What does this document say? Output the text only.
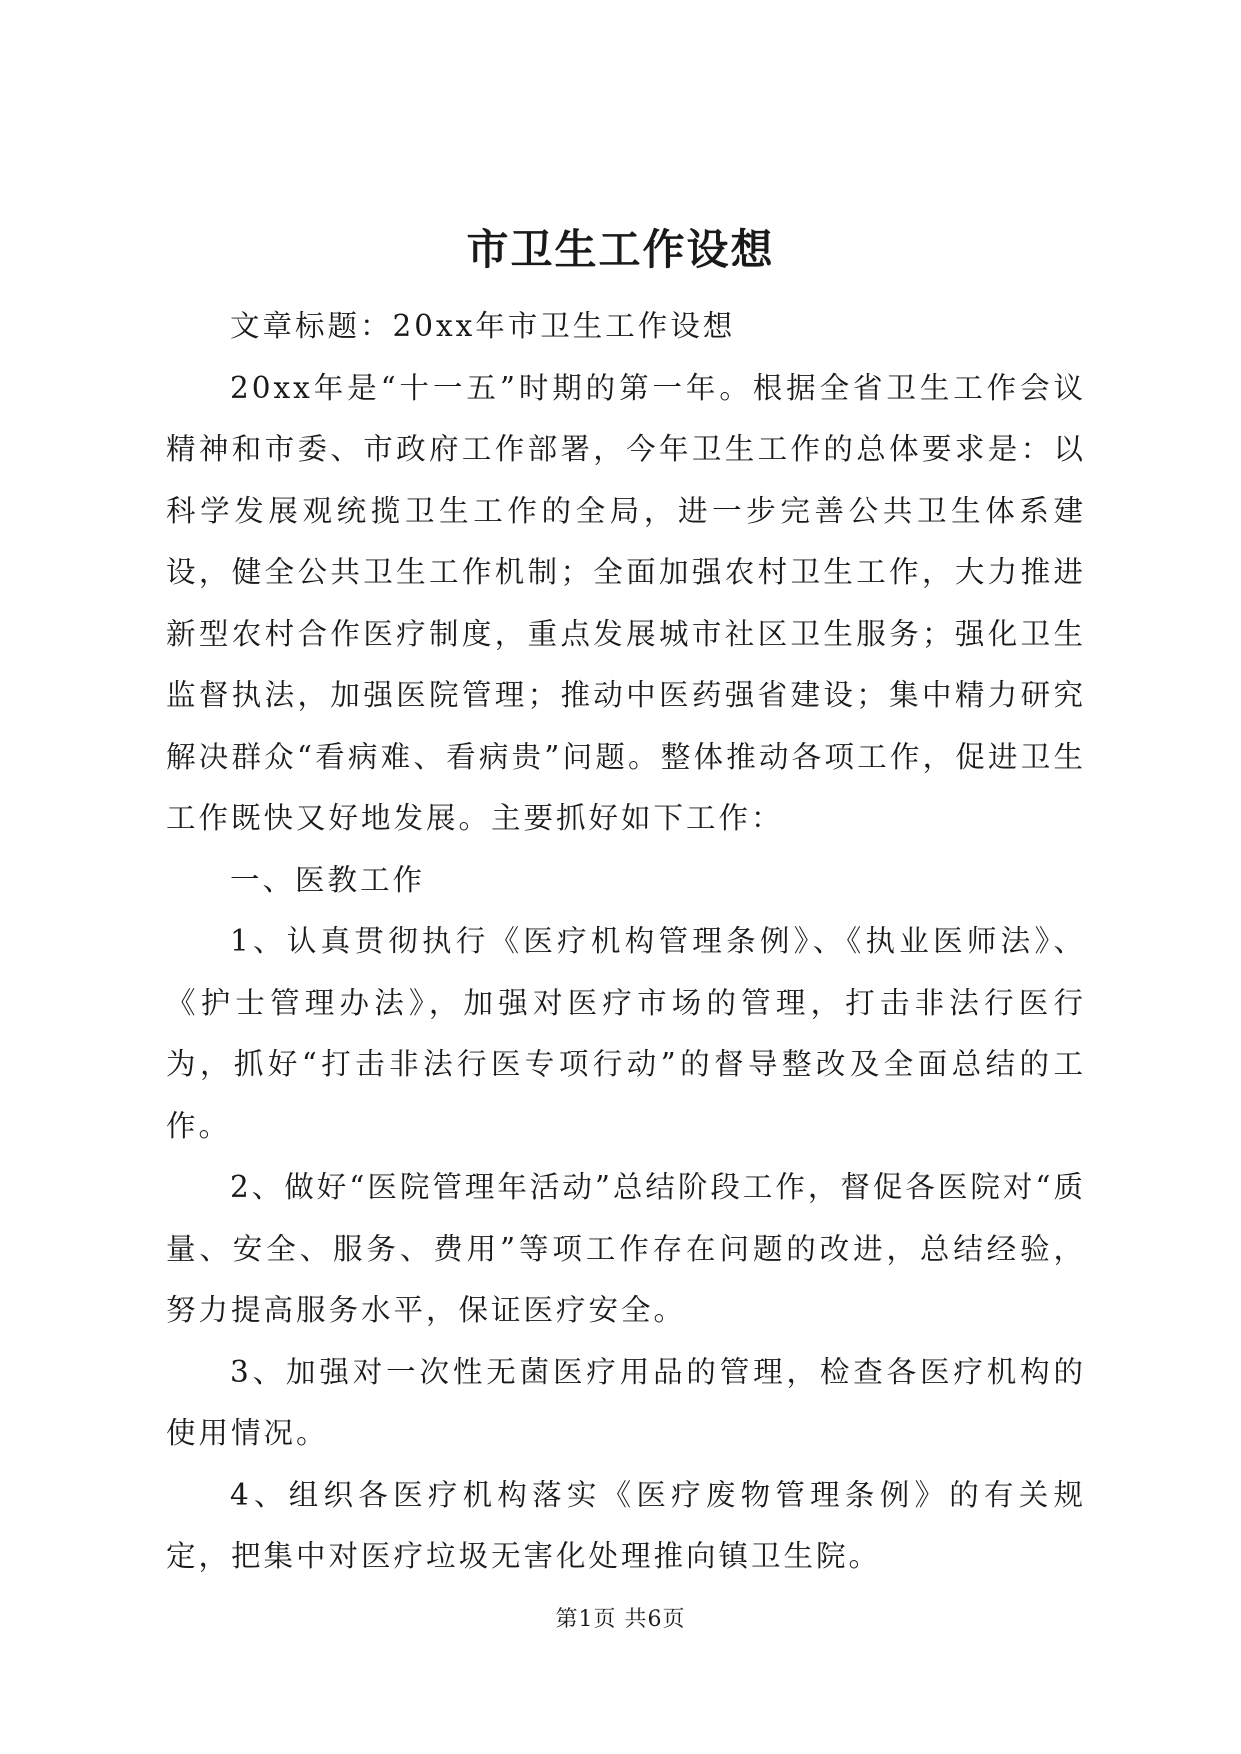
市卫生工作设想

文章标题：20xx年市卫生工作设想

20xx年是“十一五”时期的第一年。根据全省卫生工作会议精神和市委、市政府工作部署，今年卫生工作的总体要求是：以科学发展观统揽卫生工作的全局，进一步完善公共卫生体系建设，健全公共卫生工作机制；全面加强农村卫生工作，大力推进新型农村合作医疗制度，重点发展城市社区卫生服务；强化卫生监督执法，加强医院管理；推动中医药强省建设；集中精力研究解决群众“看病难、看病贵”问题。整体推动各项工作，促进卫生工作既快又好地发展。主要抓好如下工作：

一、医教工作

1、认真贯彻执行《医疗机构管理条例》、《执业医师法》、《护士管理办法》，加强对医疗市场的管理，打击非法行医行为，抓好“打击非法行医专项行动”的督导整改及全面总结的工作。

2、做好“医院管理年活动”总结阶段工作，督促各医院对“质量、安全、服务、费用”等项工作存在问题的改进，总结经验，努力提高服务水平，保证医疗安全。

3、加强对一次性无菌医疗用品的管理，检查各医疗机构的使用情况。

4、组织各医疗机构落实《医疗废物管理条例》的有关规定，把集中对医疗垃圾无害化处理推向镇卫生院。

第1页 共6页
